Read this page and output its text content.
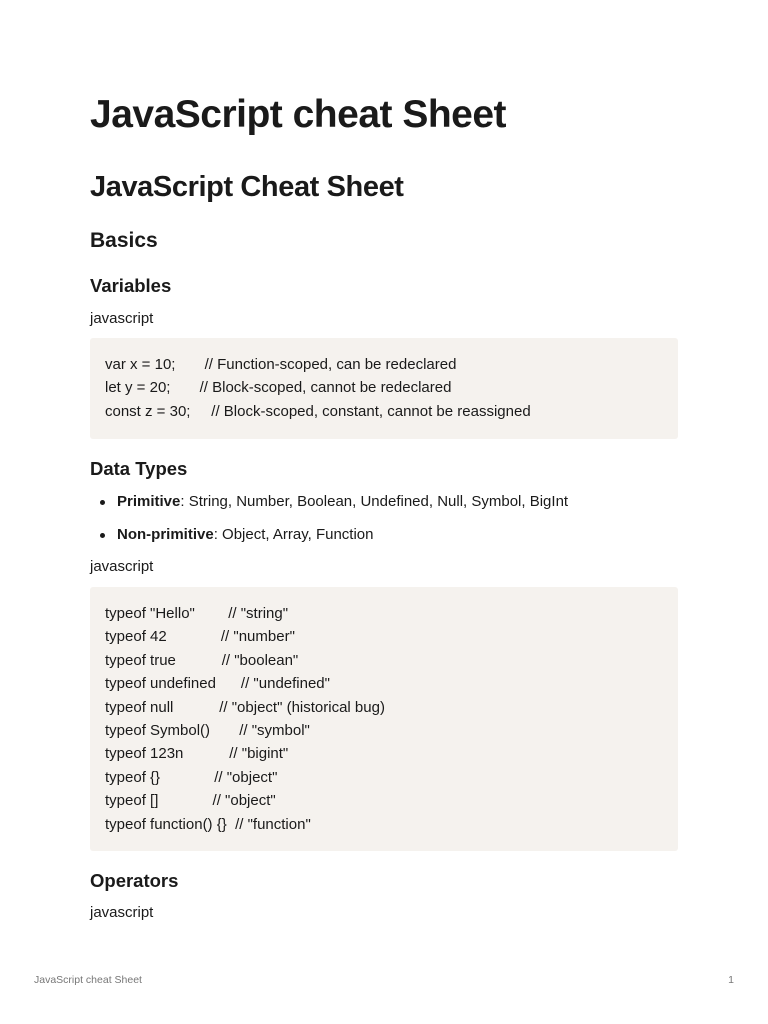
JavaScript cheat Sheet
JavaScript Cheat Sheet
Basics
Variables
javascript
var x = 10;       // Function-scoped, can be redeclared
let y = 20;       // Block-scoped, cannot be redeclared
const z = 30;     // Block-scoped, constant, cannot be reassigned
Data Types
Primitive: String, Number, Boolean, Undefined, Null, Symbol, BigInt
Non-primitive: Object, Array, Function
javascript
typeof "Hello"        // "string"
typeof 42             // "number"
typeof true           // "boolean"
typeof undefined      // "undefined"
typeof null           // "object" (historical bug)
typeof Symbol()       // "symbol"
typeof 123n           // "bigint"
typeof {}             // "object"
typeof []             // "object"
typeof function() {}  // "function"
Operators
javascript
JavaScript cheat Sheet	1
